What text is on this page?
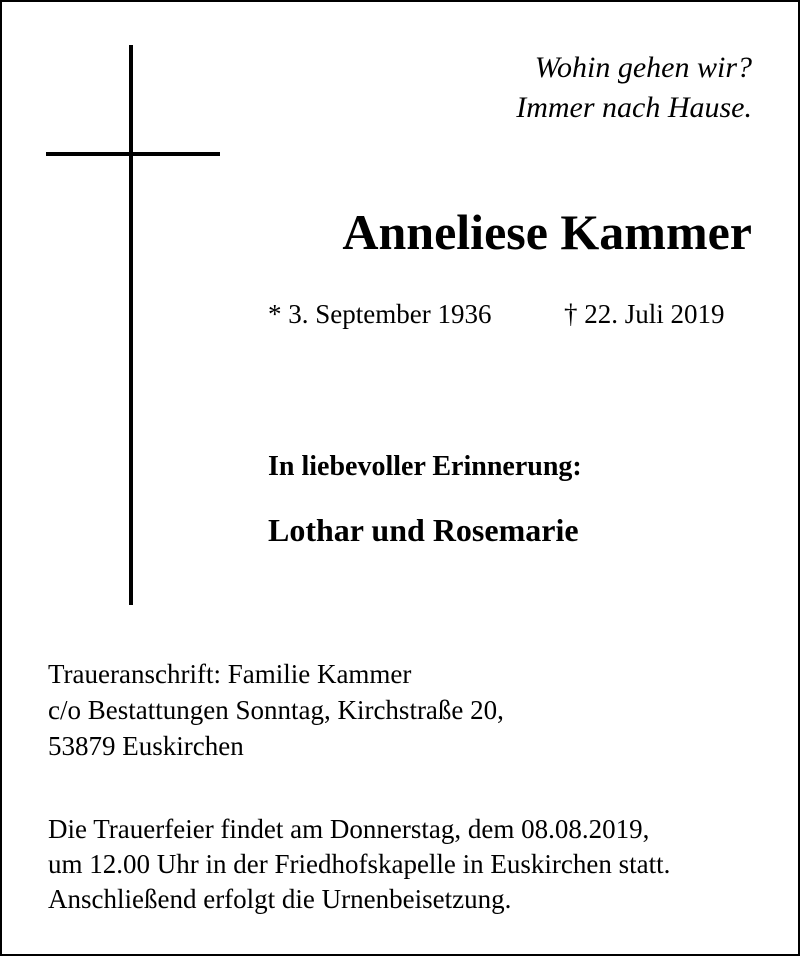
Wohin gehen wir?
Immer nach Hause.
Anneliese Kammer
* 3. September 1936	† 22. Juli 2019
In liebevoller Erinnerung:
Lothar und Rosemarie
Traueranschrift: Familie Kammer
c/o Bestattungen Sonntag, Kirchstraße 20,
53879 Euskirchen
Die Trauerfeier findet am Donnerstag, dem 08.08.2019,
um 12.00 Uhr in der Friedhofskapelle in Euskirchen statt.
Anschließend erfolgt die Urnenbeisetzung.
